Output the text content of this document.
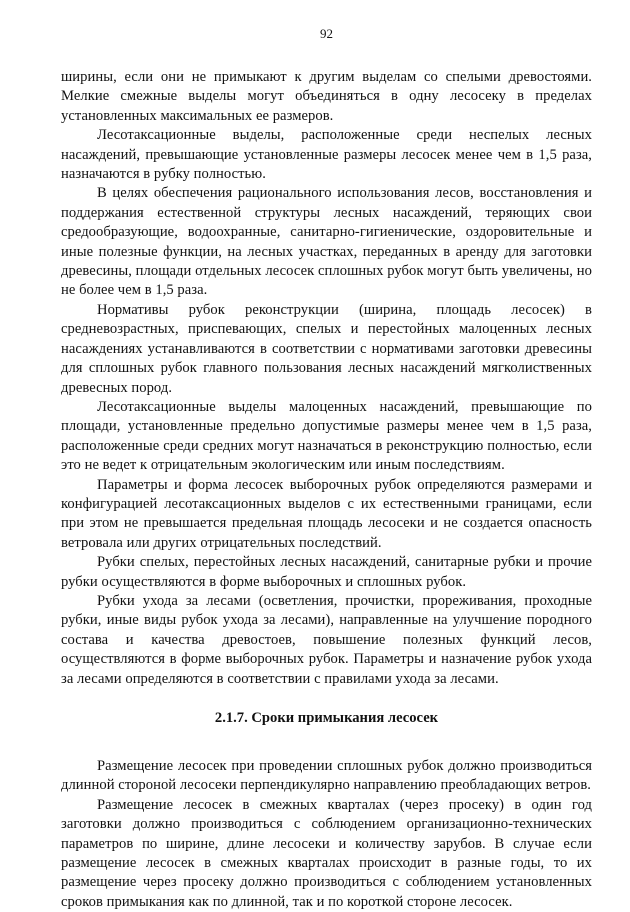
92

ширины, если они не примыкают к другим выделам со спелыми древостоями. Мелкие смежные выделы могут объединяться в одну лесосеку в пределах установленных максимальных ее размеров.

Лесотаксационные выделы, расположенные среди неспелых лесных насаждений, превышающие установленные размеры лесосек менее чем в 1,5 раза, назначаются в рубку полностью.

В целях обеспечения рационального использования лесов, восстановления и поддержания естественной структуры лесных насаждений, теряющих свои средообразующие, водоохранные, санитарно-гигиенические, оздоровительные и иные полезные функции, на лесных участках, переданных в аренду для заготовки древесины, площади отдельных лесосек сплошных рубок могут быть увеличены, но не более чем в 1,5 раза.

Нормативы рубок реконструкции (ширина, площадь лесосек) в средневозрастных, приспевающих, спелых и перестойных малоценных лесных насаждениях устанавливаются в соответствии с нормативами заготовки древесины для сплошных рубок главного пользования лесных насаждений мягколиственных древесных пород.

Лесотаксационные выделы малоценных насаждений, превышающие по площади, установленные предельно допустимые размеры менее чем в 1,5 раза, расположенные среди средних могут назначаться в реконструкцию полностью, если это не ведет к отрицательным экологическим или иным последствиям.

Параметры и форма лесосек выборочных рубок определяются размерами и конфигурацией лесотаксационных выделов с их естественными границами, если при этом не превышается предельная площадь лесосеки и не создается опасность ветровала или других отрицательных последствий.

Рубки спелых, перестойных лесных насаждений, санитарные рубки и прочие рубки осуществляются в форме выборочных и сплошных рубок.

Рубки ухода за лесами (осветления, прочистки, прореживания, проходные рубки, иные виды рубок ухода за лесами), направленные на улучшение породного состава и качества древостоев, повышение полезных функций лесов, осуществляются в форме выборочных рубок. Параметры и назначение рубок ухода за лесами определяются в соответствии с правилами ухода за лесами.

2.1.7. Сроки примыкания лесосек

Размещение лесосек при проведении сплошных рубок должно производиться длинной стороной лесосеки перпендикулярно направлению преобладающих ветров.

Размещение лесосек в смежных кварталах (через просеку) в один год заготовки должно производиться с соблюдением организационно-технических параметров по ширине, длине лесосеки и количеству зарубов. В случае если размещение лесосек в смежных кварталах происходит в разные годы, то их размещение через просеку должно производиться с соблюдением установленных сроков примыкания как по длинной, так и по короткой стороне лесосек.
